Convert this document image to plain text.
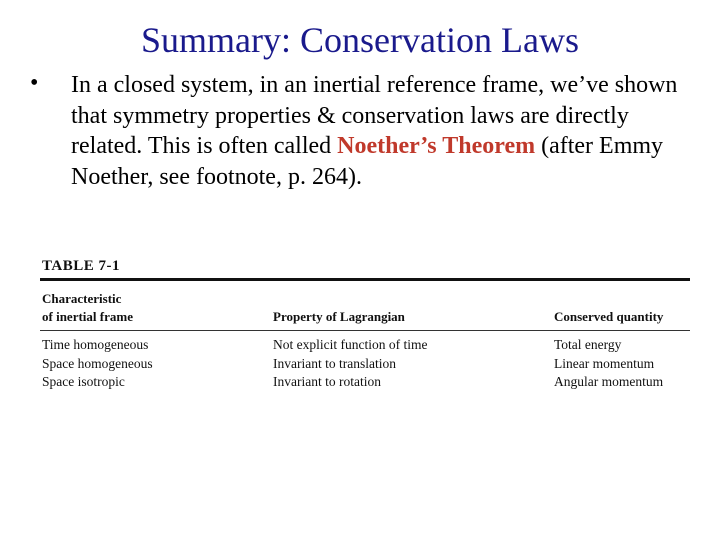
Summary: Conservation Laws
• In a closed system, in an inertial reference frame, we’ve shown that symmetry properties & conservation laws are directly related. This is often called Noether’s Theorem (after Emmy Noether, see footnote, p. 264).
TABLE 7-1
Characteristic
of inertial frame	Property of Lagrangian	Conserved quantity
Time homogeneous
Space homogeneous
Space isotropic
Not explicit function of time
Invariant to translation
Invariant to rotation
Total energy
Linear momentum
Angular momentum
